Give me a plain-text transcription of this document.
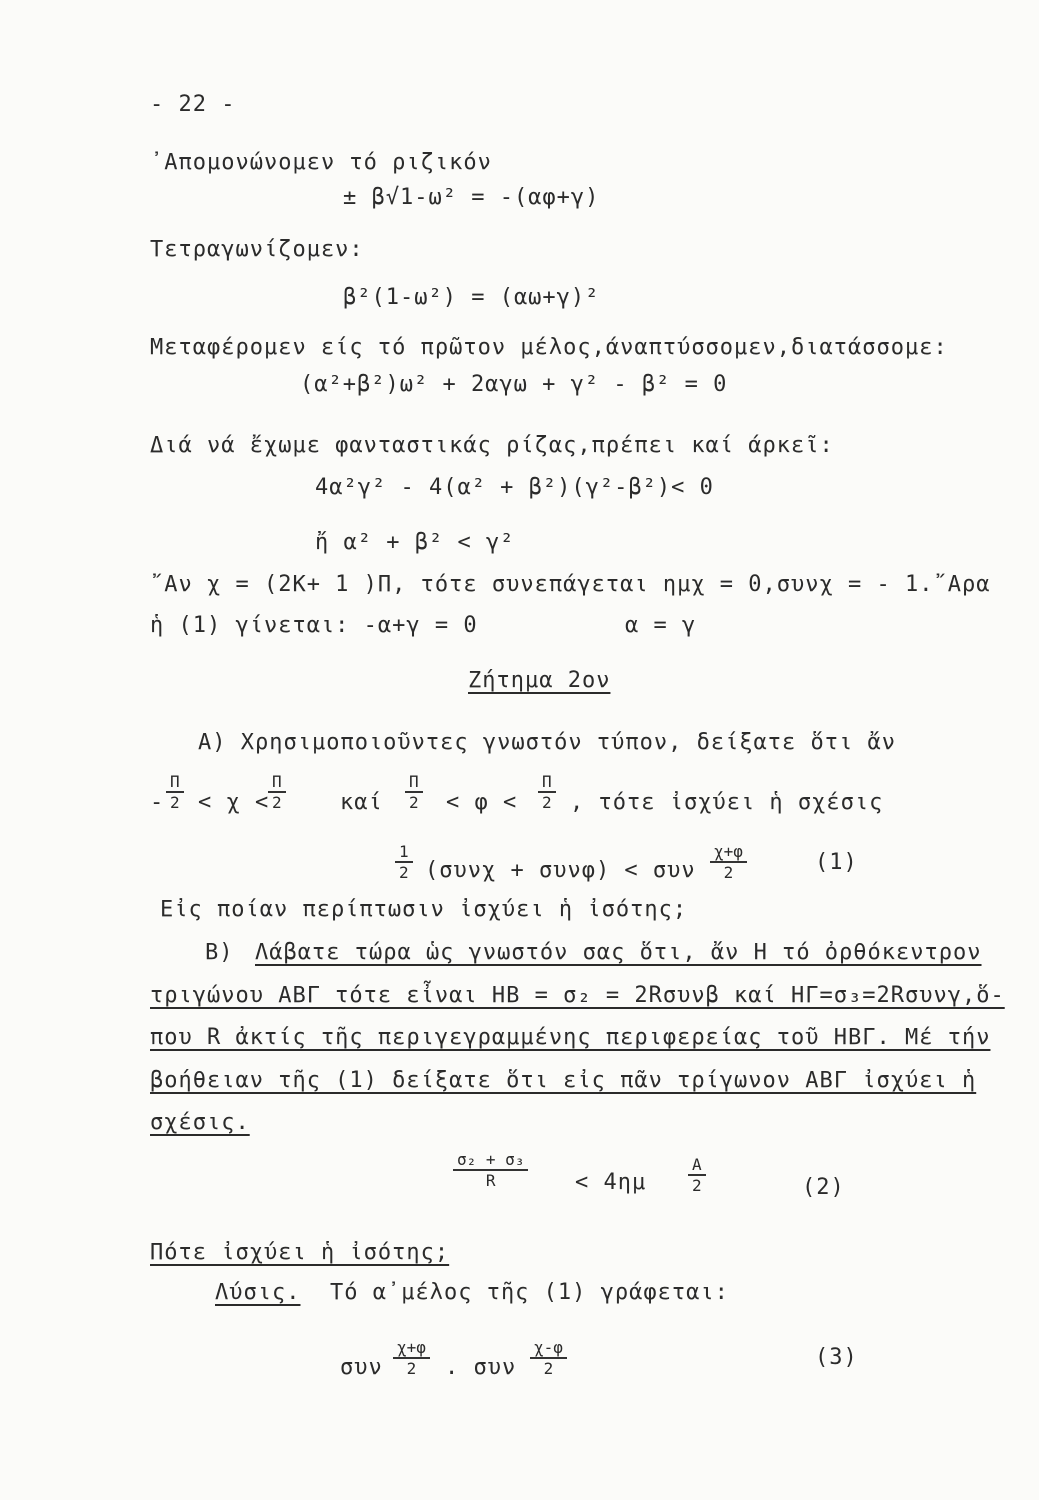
- 22 -
᾽Απομονώνομεν τό ριζικόν
± β√1-ω² = -(αφ+γ)
Τετραγωνίζομεν:
β²(1-ω²) = (αω+γ)²
Μεταφέρομεν είς τό πρῶτον μέλος,άναπτύσσομεν,διατάσσομε:
(α²+β²)ω² + 2αγω + γ² - β² = 0
Διά νά ἔχωμε φανταστικάς ρίζας,πρέπει καί άρκεῖ:
4α²γ² - 4(α² + β²)(γ²-β²)< 0
ἤ α² + β² < γ²
῎Αν χ = (2Κ+ 1 )Π, τότε συνεπάγεται ημχ = 0,συνχ = - 1.῎Αρα
ἡ (1) γίνεται: -α+γ = 0	α = γ
Ζήτημα 2ον
Α) Χρησιμοποιοῦντες γνωστόν τύπον, δείξατε ὅτι ἄν
- $\frac{\Pi}{2} < \chi$ <
$\frac{\Pi}{2}$ καί $\frac{\Pi}{2} < \varphi < \frac{\Pi}{2}$ , τότε ἰσχύει ἡ σχέσις
$\frac{1}{2} (\sigma\upsilon\nu\chi + \sigma\upsilon\nu\varphi) < \sigma\upsilon\nu \frac{\chi+\varphi}{2}$	(1)
Εἰς ποίαν περίπτωσιν ἰσχύει ἡ ἰσότης;
Β) Λάβατε τώρα ὡς γνωστόν σας ὅτι, ἄν Η τό ὀρθόκεντρον
τριγώνου ΑΒΓ τότε εἶναι ΗΒ = σ₂ = 2Rσυνβ καί ΗΓ=σ₃=2Rσυνγ,ὅ-
που R ἀκτίς τῆς περιγεγραμμένης περιφερείας τοῦ ΗΒΓ. Μέ τήν
βοήθειαν τῆς (1) δείξατε ὅτι εἰς πᾶν τρίγωνον ΑΒΓ ἰσχύει ἡ
σχέσις.
$\frac{\text{σ₂ + σ₃}}{R} < 4\eta\mu$	$\frac{A}{2}$	(2)
Πότε ἰσχύει ἡ ἰσότης;
Λύσις. Τό α᾽μέλος τῆς (1) γράφεται:
συν $\frac{\chi+\varphi}{2}$ . συν $\frac{\chi-\varphi}{2}$	(3)
